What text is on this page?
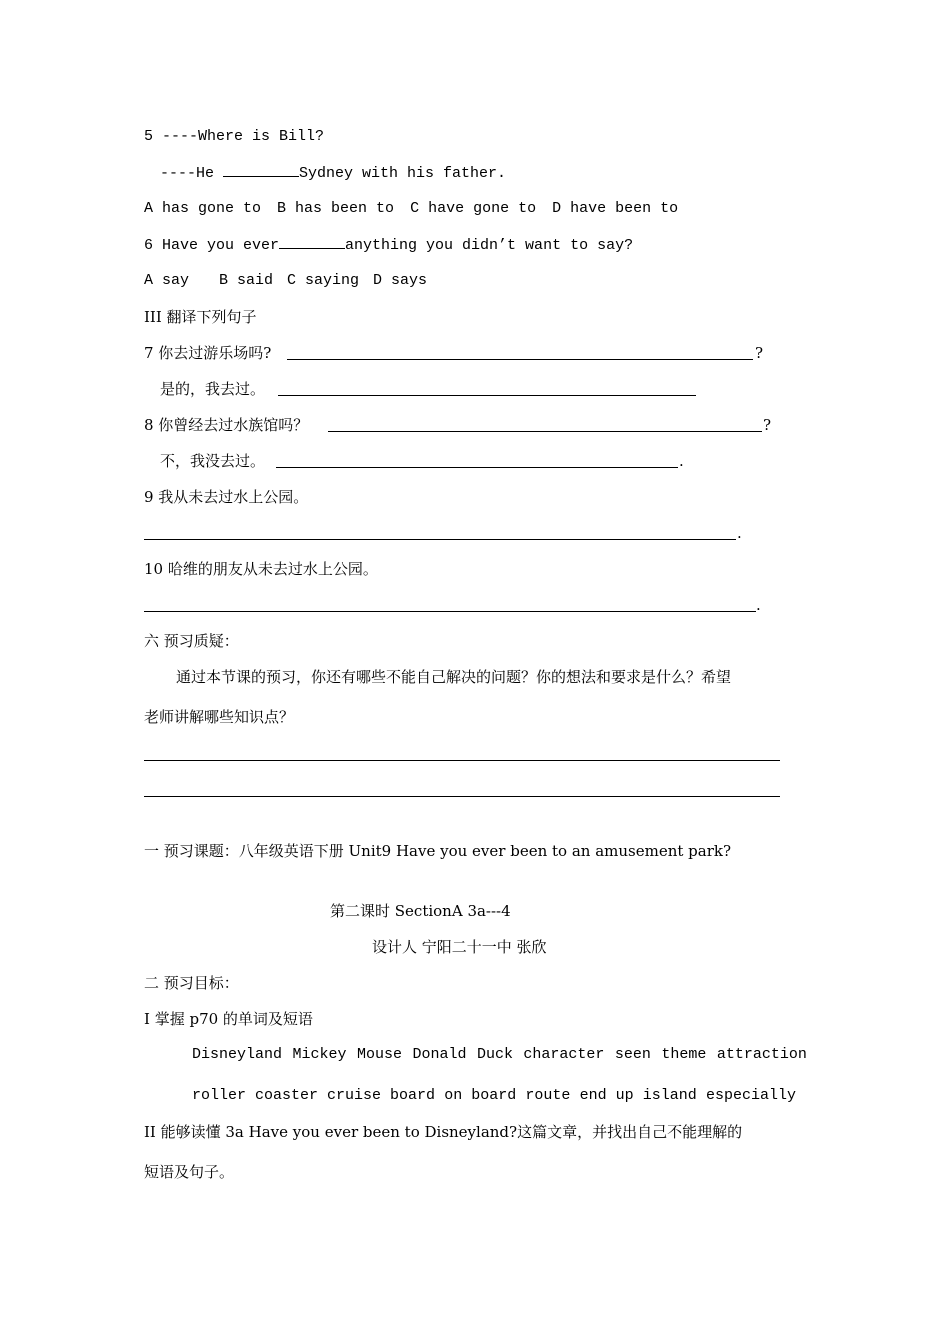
5 ----Where is Bill?
----He	Sydney with his father.
A has gone to B has been to C have gone to D have been to
6 Have you ever	anything you didn’t want to say?
A say B said C saying D says
III 翻译下列句子
7 你去过游乐场吗?	?
是的，我去过。
8 你曾经去过水族馆吗？	?
不，我没去过。	.
9 我从未去过水上公园。
.
10 哈维的朋友从未去过水上公园。
.
六 预习质疑：
通过本节课的预习，你还有哪些不能自己解决的问题？你的想法和要求是什么？希望
老师讲解哪些知识点？
一 预习课题：八年级英语下册 Unit9 Have you ever been to an amusement park?
第二课时 SectionA 3a---4
设计人 宁阳二十一中 张欣
二 预习目标：
I 掌握 p70 的单词及短语
Disneyland Mickey Mouse Donald Duck character seen theme attraction
roller coaster cruise board on board route end up island especially
II 能够读懂 3a Have you ever been to Disneyland?这篇文章，并找出自己不能理解的
短语及句子。
